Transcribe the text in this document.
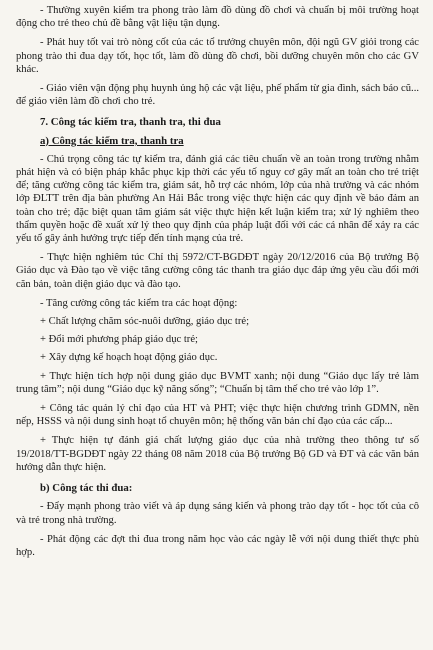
- Thường xuyên kiểm tra phong trào làm đồ dùng đồ chơi và chuẩn bị môi trường hoạt động cho trẻ theo chủ đề bằng vật liệu tận dụng.

- Phát huy tốt vai trò nòng cốt của các tổ trưởng chuyên môn, đội ngũ GV giỏi trong các phong trào thi đua dạy tốt, học tốt, làm đồ dùng đồ chơi, bồi dưỡng chuyên môn cho các GV khác.

- Giáo viên vận động phụ huynh ủng hộ các vật liệu, phế phẩm từ gia đình, sách báo cũ... để giáo viên làm đồ chơi cho trẻ.

7. Công tác kiểm tra, thanh tra, thi đua
a) Công tác kiểm tra, thanh tra

- Chú trọng công tác tự kiểm tra, đánh giá các tiêu chuẩn về an toàn trong trường nhằm phát hiện và có biện pháp khắc phục kịp thời các yếu tố nguy cơ gây mất an toàn cho trẻ triệt để; tăng cường công tác kiểm tra, giám sát, hỗ trợ các nhóm, lớp của nhà trường và các nhóm lớp ĐLTT trên địa bàn phường An Hải Bắc trong việc thực hiện các quy định về bảo đảm an toàn cho trẻ; đặc biệt quan tâm giám sát việc thực hiện kết luận kiểm tra; xử lý nghiêm theo thẩm quyền hoặc đề xuất xử lý theo quy định của pháp luật đối với các cá nhân để xảy ra các yếu tố gây ảnh hưởng trực tiếp đến tính mạng của trẻ.

- Thực hiện nghiêm túc Chỉ thị 5972/CT-BGDĐT ngày 20/12/2016 của Bộ trưởng Bộ Giáo dục và Đào tạo về việc tăng cường công tác thanh tra giáo dục đáp ứng yêu cầu đổi mới căn bản, toàn diện giáo dục và đào tạo.

- Tăng cường công tác kiểm tra các hoạt động:

+ Chất lượng chăm sóc-nuôi dưỡng, giáo dục trẻ;

+ Đổi mới phương pháp giáo dục trẻ;

+ Xây dựng kế hoạch hoạt động giáo dục.

+ Thực hiện tích hợp nội dung giáo dục BVMT xanh; nội dung “Giáo dục lấy trẻ làm trung tâm”; nội dung “Giáo dục kỹ năng sống”; “Chuẩn bị tâm thế cho trẻ vào lớp 1”.

+ Công tác quản lý chỉ đạo của HT và PHT; việc thực hiện chương trình GDMN, nền nếp, HSSS và nội dung sinh hoạt tổ chuyên môn; hệ thống văn bản chỉ đạo của các cấp...

+ Thực hiện tự đánh giá chất lượng giáo dục của nhà trường theo thông tư số 19/2018/TT-BGDĐT ngày 22 tháng 08 năm 2018 của Bộ trưởng Bộ GD và ĐT và các văn bản hướng dẫn thực hiện.

b) Công tác thi đua:

- Đẩy mạnh phong trào viết và áp dụng sáng kiến và phong trào dạy tốt - học tốt của cô và trẻ trong nhà trường.

- Phát động các đợt thi đua trong năm học vào các ngày lễ với nội dung thiết thực phù hợp.
